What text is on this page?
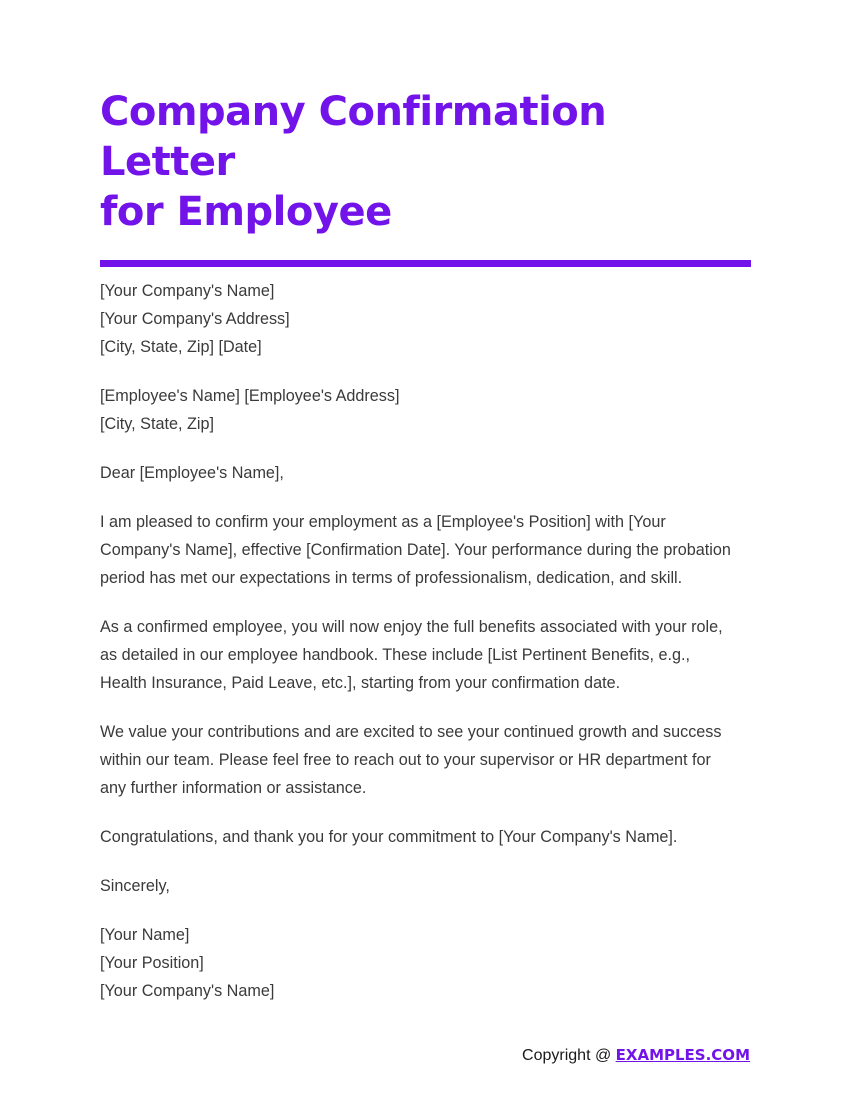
Company Confirmation Letter
for Employee

[Your Company's Name]
[Your Company's Address]
[City, State, Zip] [Date]

[Employee's Name] [Employee's Address]
[City, State, Zip]

Dear [Employee's Name],

I am pleased to confirm your employment as a [Employee's Position] with [Your
Company's Name], effective [Confirmation Date]. Your performance during the probation
period has met our expectations in terms of professionalism, dedication, and skill.

As a confirmed employee, you will now enjoy the full benefits associated with your role,
as detailed in our employee handbook. These include [List Pertinent Benefits, e.g.,
Health Insurance, Paid Leave, etc.], starting from your confirmation date.

We value your contributions and are excited to see your continued growth and success
within our team. Please feel free to reach out to your supervisor or HR department for
any further information or assistance.

Congratulations, and thank you for your commitment to [Your Company's Name].

Sincerely,

[Your Name]
[Your Position]
[Your Company's Name]

Copyright @ EXAMPLES.COM
